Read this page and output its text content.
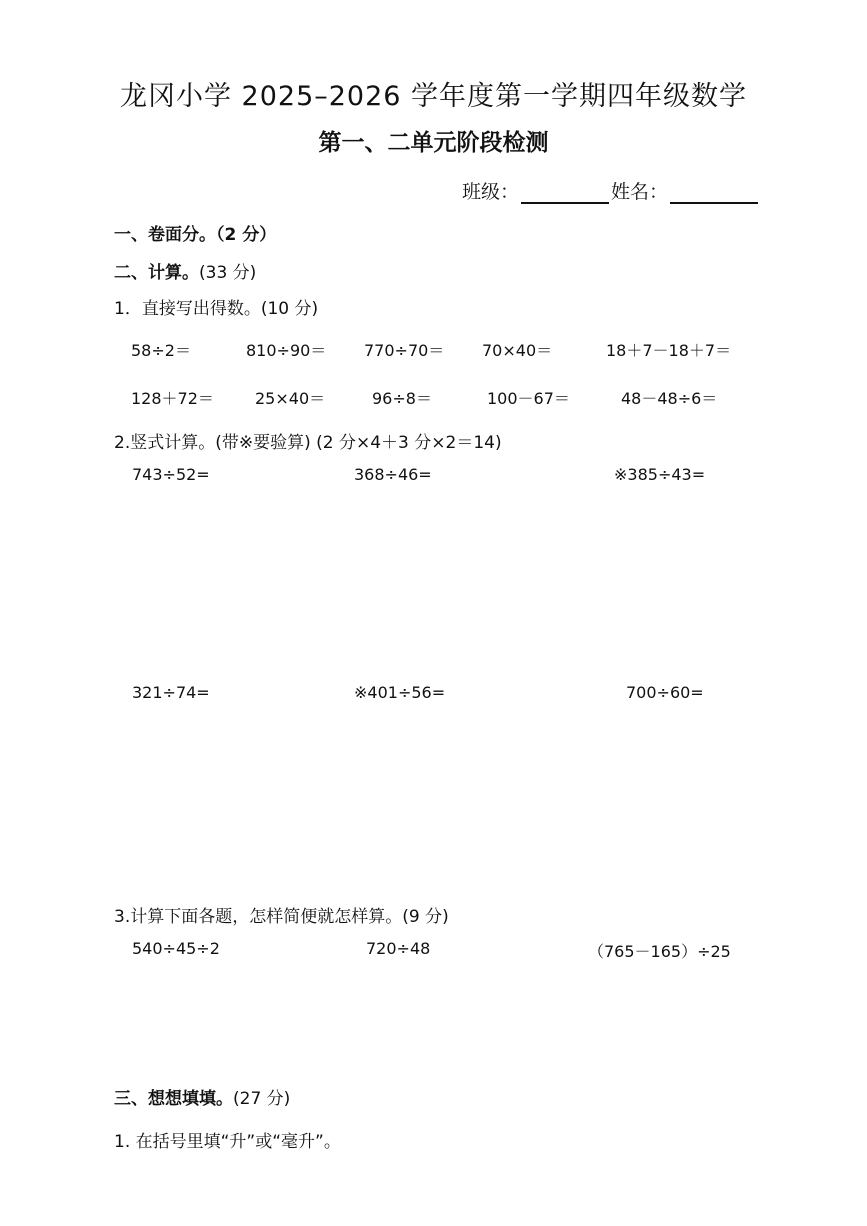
龙冈小学 2025–2026 学年度第一学期四年级数学
第一、二单元阶段检测
班级：	姓名：
一、卷面分。（2 分）
二、计算。(33 分)
1．直接写出得数。(10 分)
58÷2＝	810÷90＝ 770÷70＝ 70×40＝	18＋7－18＋7＝
128＋72＝	25×40＝	96÷8＝	100－67＝	48－48÷6＝
2.竖式计算。(带※要验算) (2 分×4＋3 分×2＝14)
743÷52=	368÷46=	※385÷43=
321÷74=	※401÷56=	700÷60=
3.计算下面各题，怎样简便就怎样算。(9 分)
540÷45÷2	720÷48	（765－165）÷25
三、想想填填。(27 分)
1. 在括号里填“升”或“毫升”。
